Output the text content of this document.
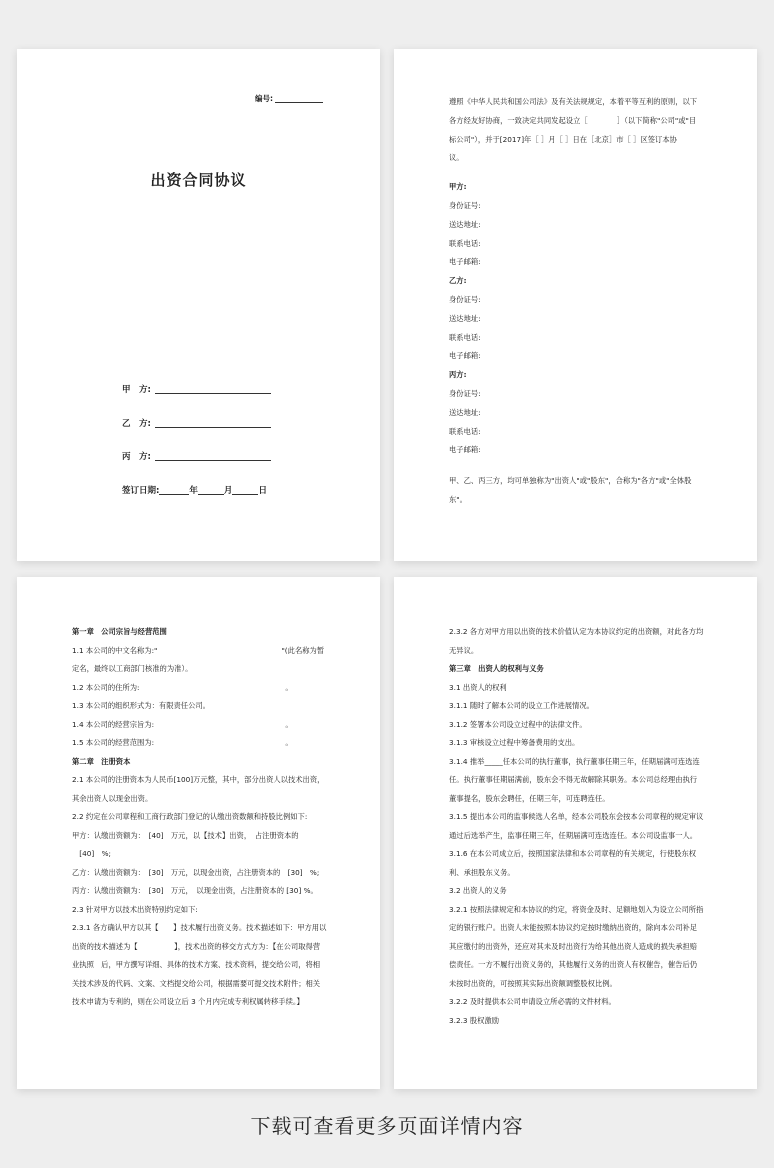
编号:
出资合同协议
甲　方:
乙　方:
丙　方:
签订日期:	年	月	日
遵照《中华人民共和国公司法》及有关法规规定，本着平等互利的原则，以下
各方经友好协商，一致决定共同发起设立［　　　　］（以下简称"公司"或"目
标公司"），并于[2017]年［ ］月［ ］日在［北京］市［ ］区签订本协
议。
甲方:
身份证号:
送达地址:
联系电话:
电子邮箱:
乙方:
身份证号:
送达地址:
联系电话:
电子邮箱:
丙方:
身份证号:
送达地址:
联系电话:
电子邮箱:
甲、乙、丙三方，均可单独称为"出资人"或"股东"，合称为"各方"或"全体股
东"。
第一章　公司宗旨与经营范围
1.1 本公司的中文名称为:"　　　　　　　　　　　　　　　　　"(此名称为暂
定名，最终以工商部门核准的为准）。
1.2 本公司的住所为:　　　　　　　　　　　　　　　　　　　　。
1.3 本公司的组织形式为：有限责任公司。
1.4 本公司的经营宗旨为:　　　　　　　　　　　　　　　　　　。
1.5 本公司的经营范围为:　　　　　　　　　　　　　　　　　　。
第二章　注册资本
2.1 本公司的注册资本为人民币[100]万元整，其中，部分出资人以技术出资，
其余出资人以现金出资。
2.2 约定在公司章程和工商行政部门登记的认缴出资数额和持股比例如下:
甲方：认缴出资额为：　[40]　万元，以【技术】出资，　占注册资本的
　[40]　%;
乙方：认缴出资额为：　[30]　万元，以现金出资，占注册资本的　[30]　%;
丙方：认缴出资额为：　[30]　万元，　以现金出资，占注册资本的 [30] %。
2.3 针对甲方以技术出资特别约定如下:
2.3.1 各方确认甲方以其【　　】技术履行出资义务。技术描述如下：甲方用以
出资的技术描述为【　　　　　】，技术出资的移交方式方为：【在公司取得营
业执照　后，甲方撰写详细、具体的技术方案、技术资料，提交给公司，将相
关技术涉及的代码、文案、文档提交给公司，根据需要可提交技术附件；相关
技术申请为专利的，则在公司设立后 3 个月内完成专利权属转移手续。】
2.3.2 各方对甲方用以出资的技术价值认定为本协议约定的出资额，对此各方均
无异议。
第三章　出资人的权利与义务
3.1 出资人的权利
3.1.1 随时了解本公司的设立工作进展情况。
3.1.2 签署本公司设立过程中的法律文件。
3.1.3 审核设立过程中筹备费用的支出。
3.1.4 推举_____任本公司的执行董事，执行董事任期三年，任期届满可连选连
任。执行董事任期届满前，股东会不得无故解除其职务。本公司总经理由执行
董事提名，股东会聘任，任期三年，可连聘连任。
3.1.5 提出本公司的监事候选人名单，经本公司股东会按本公司章程的规定审议
通过后选举产生，监事任期三年，任期届满可连选连任。本公司设监事一人。
3.1.6 在本公司成立后，按照国家法律和本公司章程的有关规定，行使股东权
利、承担股东义务。
3.2 出资人的义务
3.2.1 按照法律规定和本协议的约定，将资金及时、足额地划入为设立公司所指
定的银行账户。出资人未能按照本协议约定按时缴纳出资的，除向本公司补足
其应缴付的出资外，还应对其未及时出资行为给其他出资人造成的损失承担赔
偿责任。一方不履行出资义务的，其他履行义务的出资人有权催告，催告后仍
未按时出资的，可按照其实际出资额调整股权比例。
3.2.2 及时提供本公司申请设立所必需的文件材料。
3.2.3 股权激励
下载可查看更多页面详情内容
